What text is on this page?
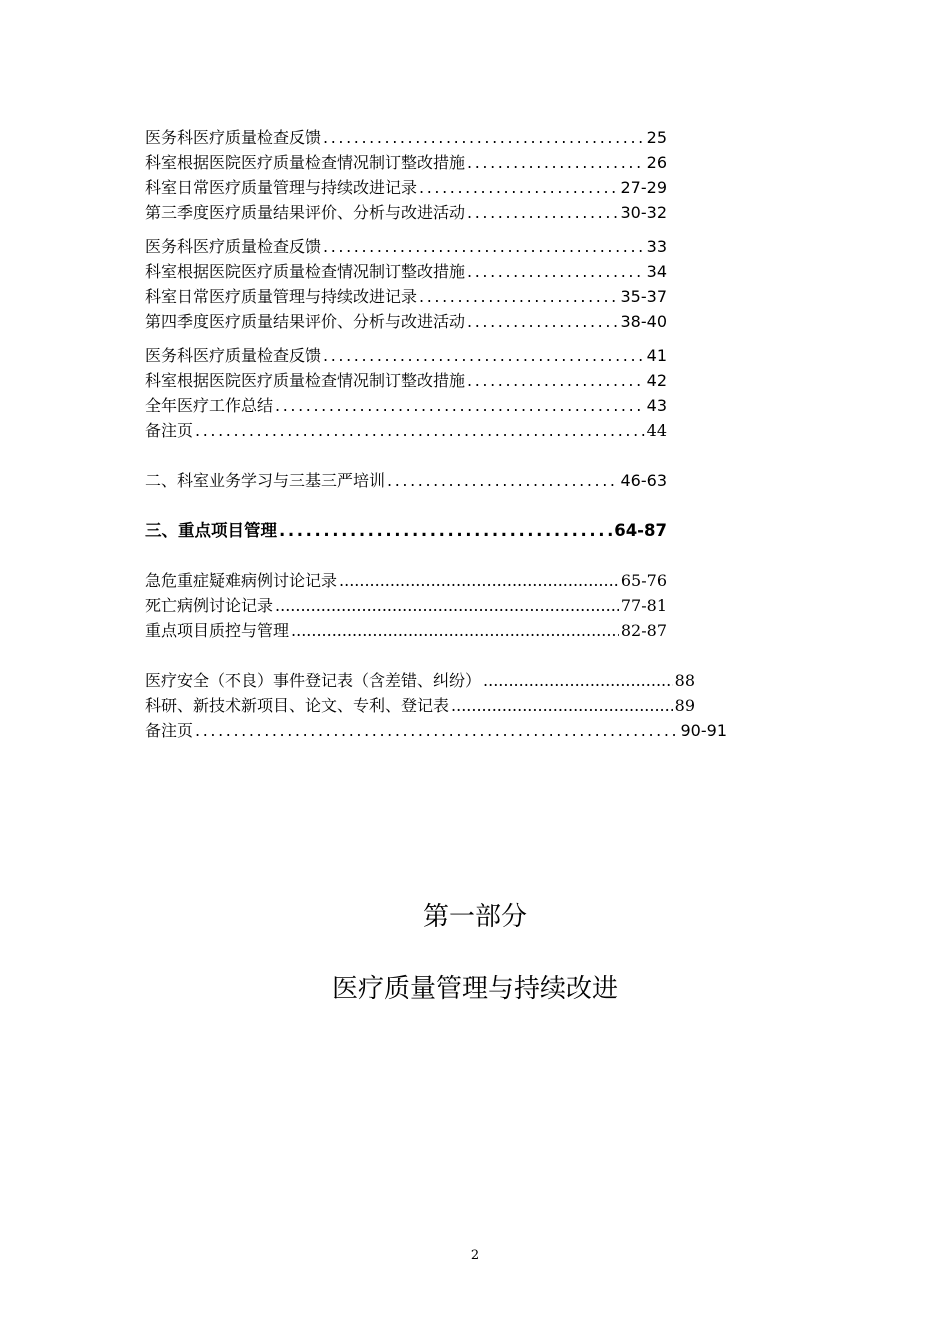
医务科医疗质量检查反馈 .....	25
科室根据医院医疗质量检查情况制订整改措施 .....	26
科室日常医疗质量管理与持续改进记录 .....	27-29
第三季度医疗质量结果评价、分析与改进活动 .....	30-32
医务科医疗质量检查反馈 .....	33
科室根据医院医疗质量检查情况制订整改措施 .....	34
科室日常医疗质量管理与持续改进记录 .....	35-37
第四季度医疗质量结果评价、分析与改进活动 .....	38-40
医务科医疗质量检查反馈 .....	41
科室根据医院医疗质量检查情况制订整改措施 .....	42
全年医疗工作总结 .....	43
备注页 .....	44
二、科室业务学习与三基三严培训 .....	46-63
三、重点项目管理 .....	64-87
急危重症疑难病例讨论记录 .....	65-76
死亡病例讨论记录 .....	77-81
重点项目质控与管理 .....	82-87
医疗安全（不良）事件登记表（含差错、纠纷） .....	88
科研、新技术新项目、论文、专利、登记表 .....	89
备注页 .....	90-91
第一部分
医疗质量管理与持续改进
2
